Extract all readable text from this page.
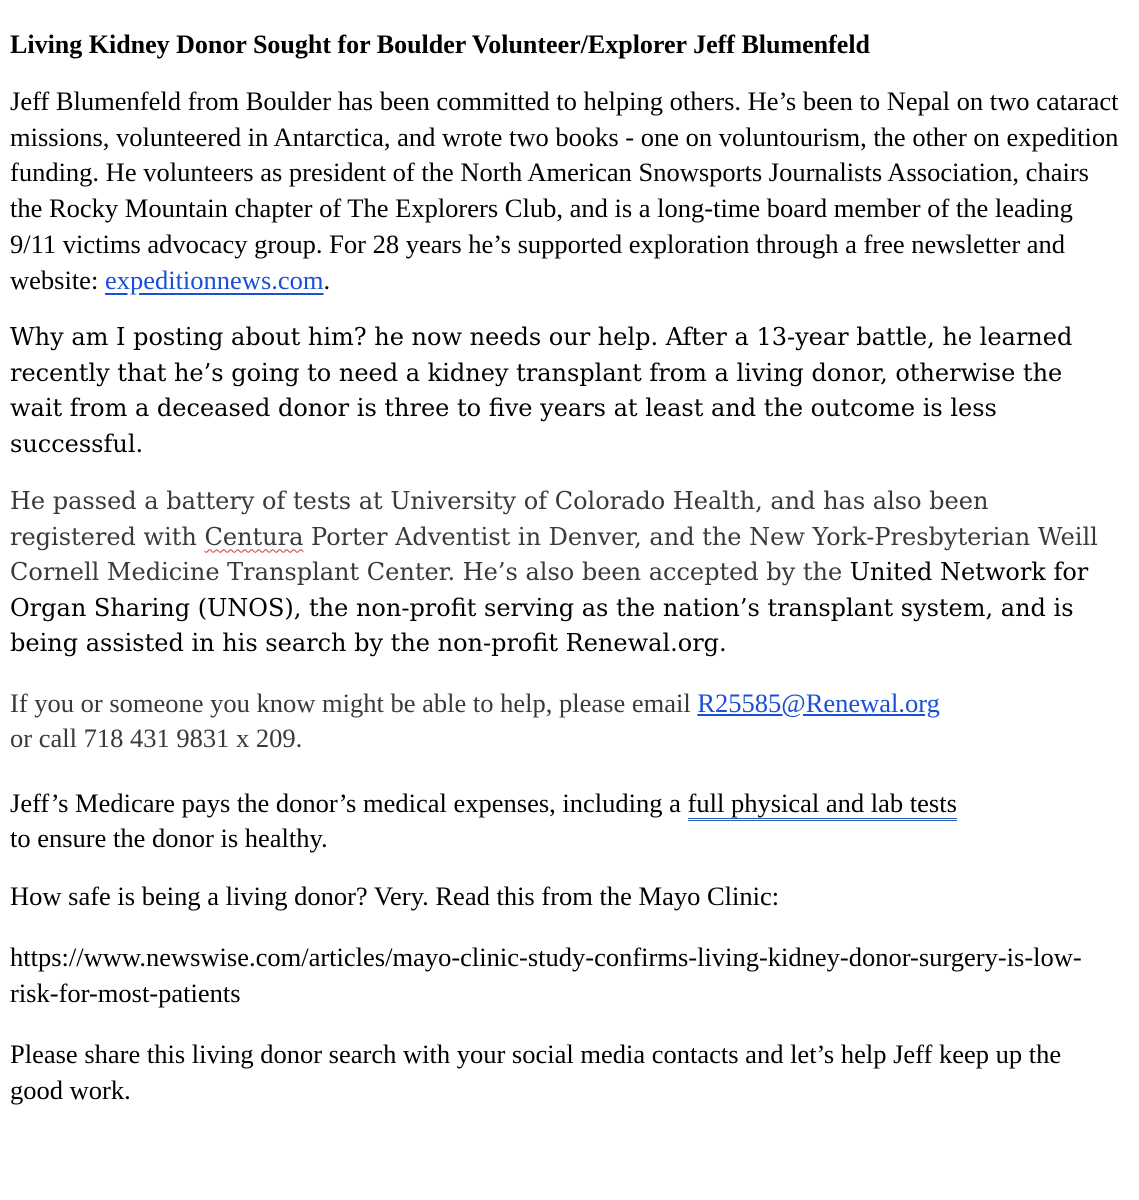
Living Kidney Donor Sought for Boulder Volunteer/Explorer Jeff Blumenfeld

Jeff Blumenfeld from Boulder has been committed to helping others. He’s been to Nepal on two cataract missions, volunteered in Antarctica, and wrote two books - one on voluntourism, the other on expedition funding. He volunteers as president of the North American Snowsports Journalists Association, chairs the Rocky Mountain chapter of The Explorers Club, and is a long-time board member of the leading 9/11 victims advocacy group. For 28 years he’s supported exploration through a free newsletter and
website: expeditionnews.com.

Why am I posting about him? he now needs our help. After a 13-year battle, he learned recently that he’s going to need a kidney transplant from a living donor, otherwise the wait from a deceased donor is three to five years at least and the outcome is less successful.

He passed a battery of tests at University of Colorado Health, and has also been registered with Centura Porter Adventist in Denver, and the New York-Presbyterian Weill Cornell Medicine Transplant Center. He’s also been accepted by the United Network for Organ Sharing (UNOS), the non-profit serving as the nation’s transplant system, and is being assisted in his search by the non-profit Renewal.org.

If you or someone you know might be able to help, please email R25585@Renewal.org
or call 718 431 9831 x 209.

Jeff’s Medicare pays the donor’s medical expenses, including a full physical and lab tests
to ensure the donor is healthy.

How safe is being a living donor? Very. Read this from the Mayo Clinic:

https://www.newswise.com/articles/mayo-clinic-study-confirms-living-kidney-donor-surgery-is-low-risk-for-most-patients

Please share this living donor search with your social media contacts and let’s help Jeff keep up the good work.
